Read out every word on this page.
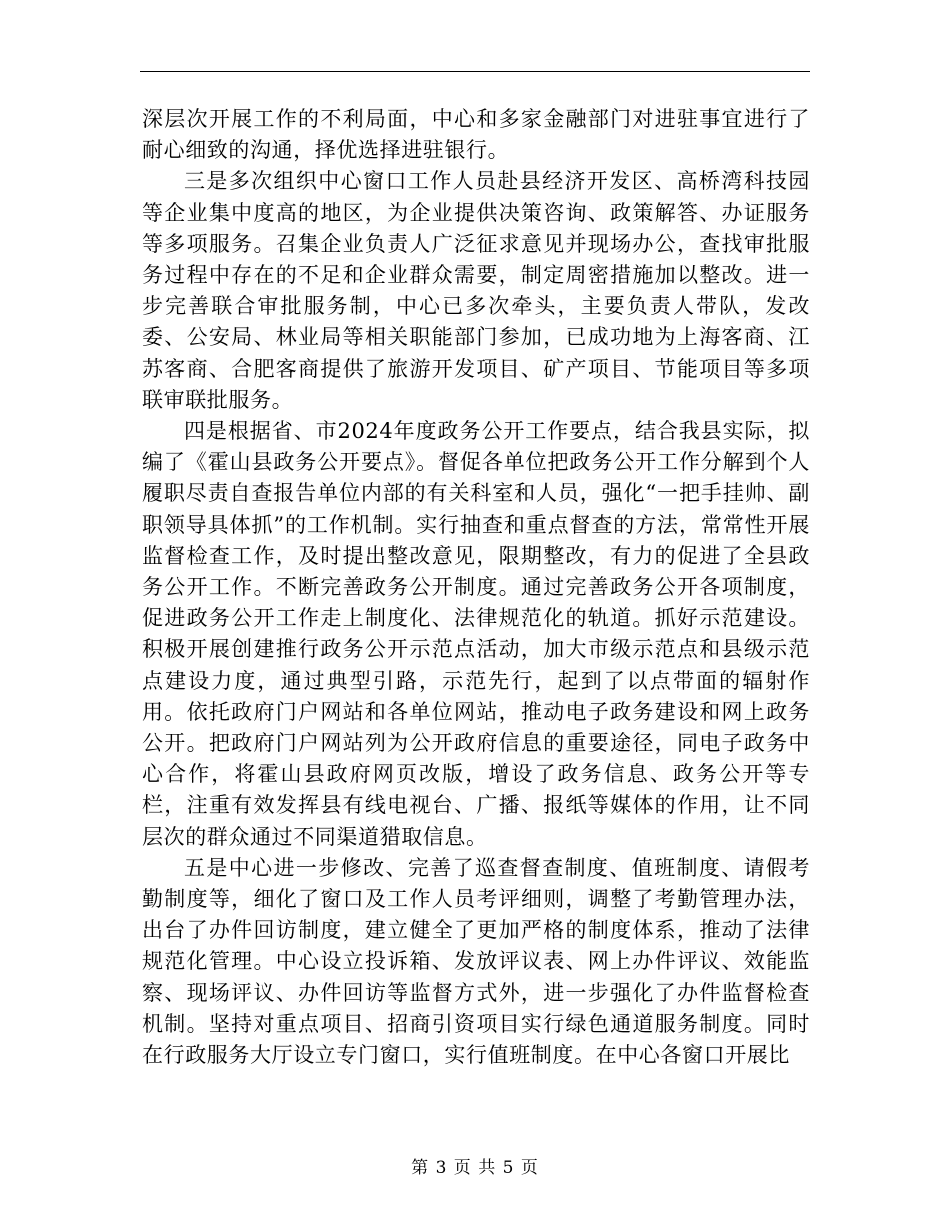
深层次开展工作的不利局面，中心和多家金融部门对进驻事宜进行了耐心细致的沟通，择优选择进驻银行。

三是多次组织中心窗口工作人员赴县经济开发区、高桥湾科技园等企业集中度高的地区，为企业提供决策咨询、政策解答、办证服务等多项服务。召集企业负责人广泛征求意见并现场办公，查找审批服务过程中存在的不足和企业群众需要，制定周密措施加以整改。进一步完善联合审批服务制，中心已多次牵头，主要负责人带队，发改委、公安局、林业局等相关职能部门参加，已成功地为上海客商、江苏客商、合肥客商提供了旅游开发项目、矿产项目、节能项目等多项联审联批服务。

四是根据省、市2024年度政务公开工作要点，结合我县实际，拟编了《霍山县政务公开要点》。督促各单位把政务公开工作分解到个人履职尽责自查报告单位内部的有关科室和人员，强化“一把手挂帅、副职领导具体抓”的工作机制。实行抽查和重点督查的方法，常常性开展监督检查工作，及时提出整改意见，限期整改，有力的促进了全县政务公开工作。不断完善政务公开制度。通过完善政务公开各项制度，促进政务公开工作走上制度化、法律规范化的轨道。抓好示范建设。积极开展创建推行政务公开示范点活动，加大市级示范点和县级示范点建设力度，通过典型引路，示范先行，起到了以点带面的辐射作用。依托政府门户网站和各单位网站，推动电子政务建设和网上政务公开。把政府门户网站列为公开政府信息的重要途径，同电子政务中心合作，将霍山县政府网页改版，增设了政务信息、政务公开等专栏，注重有效发挥县有线电视台、广播、报纸等媒体的作用，让不同层次的群众通过不同渠道猎取信息。

五是中心进一步修改、完善了巡查督查制度、值班制度、请假考勤制度等，细化了窗口及工作人员考评细则，调整了考勤管理办法，出台了办件回访制度，建立健全了更加严格的制度体系，推动了法律规范化管理。中心设立投诉箱、发放评议表、网上办件评议、效能监察、现场评议、办件回访等监督方式外，进一步强化了办件监督检查机制。坚持对重点项目、招商引资项目实行绿色通道服务制度。同时在行政服务大厅设立专门窗口，实行值班制度。在中心各窗口开展比

第 3 页 共 5 页
